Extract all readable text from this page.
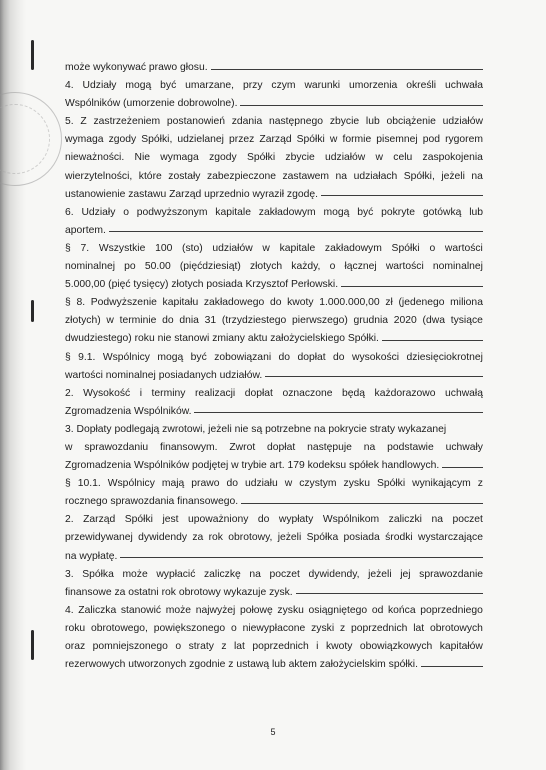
może wykonywać prawo głosu.
4. Udziały mogą być umarzane, przy czym warunki umorzenia określi uchwała
Wspólników (umorzenie dobrowolne).
5. Z zastrzeżeniem postanowień zdania następnego zbycie lub obciążenie udziałów
wymaga zgody Spółki, udzielanej przez Zarząd Spółki w formie pisemnej pod rygorem
nieważności. Nie wymaga zgody Spółki zbycie udziałów w celu zaspokojenia
wierzytelności, które zostały zabezpieczone zastawem na udziałach Spółki, jeżeli na
ustanowienie zastawu Zarząd uprzednio wyraził zgodę.
6. Udziały o podwyższonym kapitale zakładowym mogą być pokryte gotówką lub
aportem.
§ 7. Wszystkie 100 (sto) udziałów w kapitale zakładowym Spółki o wartości
nominalnej po 50.00 (pięćdziesiąt) złotych każdy, o łącznej wartości nominalnej
5.000,00 (pięć tysięcy) złotych posiada Krzysztof Perłowski.
§ 8. Podwyższenie kapitału zakładowego do kwoty 1.000.000,00 zł (jedenego miliona
złotych) w terminie do dnia 31 (trzydziestego pierwszego) grudnia 2020 (dwa tysiące
dwudziestego) roku nie stanowi zmiany aktu założycielskiego Spółki.
§ 9.1. Wspólnicy mogą być zobowiązani do dopłat do wysokości dziesięciokrotnej
wartości nominalnej posiadanych udziałów.
2. Wysokość i terminy realizacji dopłat oznaczone będą każdorazowo uchwałą
Zgromadzenia Wspólników.
3. Dopłaty podlegają zwrotowi, jeżeli nie są potrzebne na pokrycie straty wykazanej
w sprawozdaniu finansowym. Zwrot dopłat następuje na podstawie uchwały
Zgromadzenia Wspólników podjętej w trybie art. 179 kodeksu spółek handlowych.
§ 10.1. Wspólnicy mają prawo do udziału w czystym zysku Spółki wynikającym z
rocznego sprawozdania finansowego.
2. Zarząd Spółki jest upoważniony do wypłaty Wspólnikom zaliczki na poczet
przewidywanej dywidendy za rok obrotowy, jeżeli Spółka posiada środki wystarczające
na wypłatę.
3. Spółka może wypłacić zaliczkę na poczet dywidendy, jeżeli jej sprawozdanie
finansowe za ostatni rok obrotowy wykazuje zysk.
4. Zaliczka stanowić może najwyżej połowę zysku osiągniętego od końca poprzedniego
roku obrotowego, powiększonego o niewypłacone zyski z poprzednich lat obrotowych
oraz pomniejszonego o straty z lat poprzednich i kwoty obowiązkowych kapitałów
rezerwowych utworzonych zgodnie z ustawą lub aktem założycielskim spółki.
5
